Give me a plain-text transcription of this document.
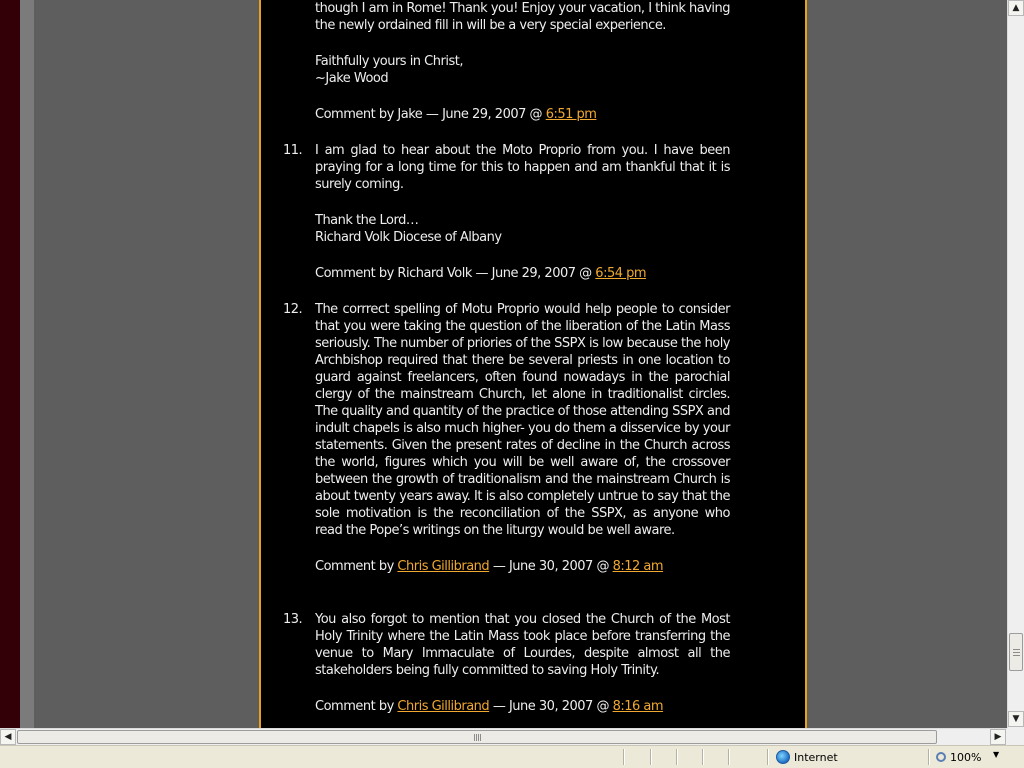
though I am in Rome! Thank you! Enjoy your vacation, I think having the newly ordained fill in will be a very special experience.

Faithfully yours in Christ,
~Jake Wood

Comment by Jake — June 29, 2007 @ 6:51 pm

11. I am glad to hear about the Moto Proprio from you. I have been praying for a long time for this to happen and am thankful that it is surely coming.

Thank the Lord…
Richard Volk Diocese of Albany

Comment by Richard Volk — June 29, 2007 @ 6:54 pm

12. The corrrect spelling of Motu Proprio would help people to consider that you were taking the question of the liberation of the Latin Mass seriously. The number of priories of the SSPX is low because the holy Archbishop required that there be several priests in one location to guard against freelancers, often found nowadays in the parochial clergy of the mainstream Church, let alone in traditionalist circles. The quality and quantity of the practice of those attending SSPX and indult chapels is also much higher- you do them a disservice by your statements. Given the present rates of decline in the Church across the world, figures which you will be well aware of, the crossover between the growth of traditionalism and the mainstream Church is about twenty years away. It is also completely untrue to say that the sole motivation is the reconciliation of the SSPX, as anyone who read the Pope’s writings on the liturgy would be well aware.

Comment by Chris Gillibrand — June 30, 2007 @ 8:12 am

13. You also forgot to mention that you closed the Church of the Most Holy Trinity where the Latin Mass took place before transferring the venue to Mary Immaculate of Lourdes, despite almost all the stakeholders being fully committed to saving Holy Trinity.

Comment by Chris Gillibrand — June 30, 2007 @ 8:16 am

▲
▼
◀	▶
Internet	100% ▼
